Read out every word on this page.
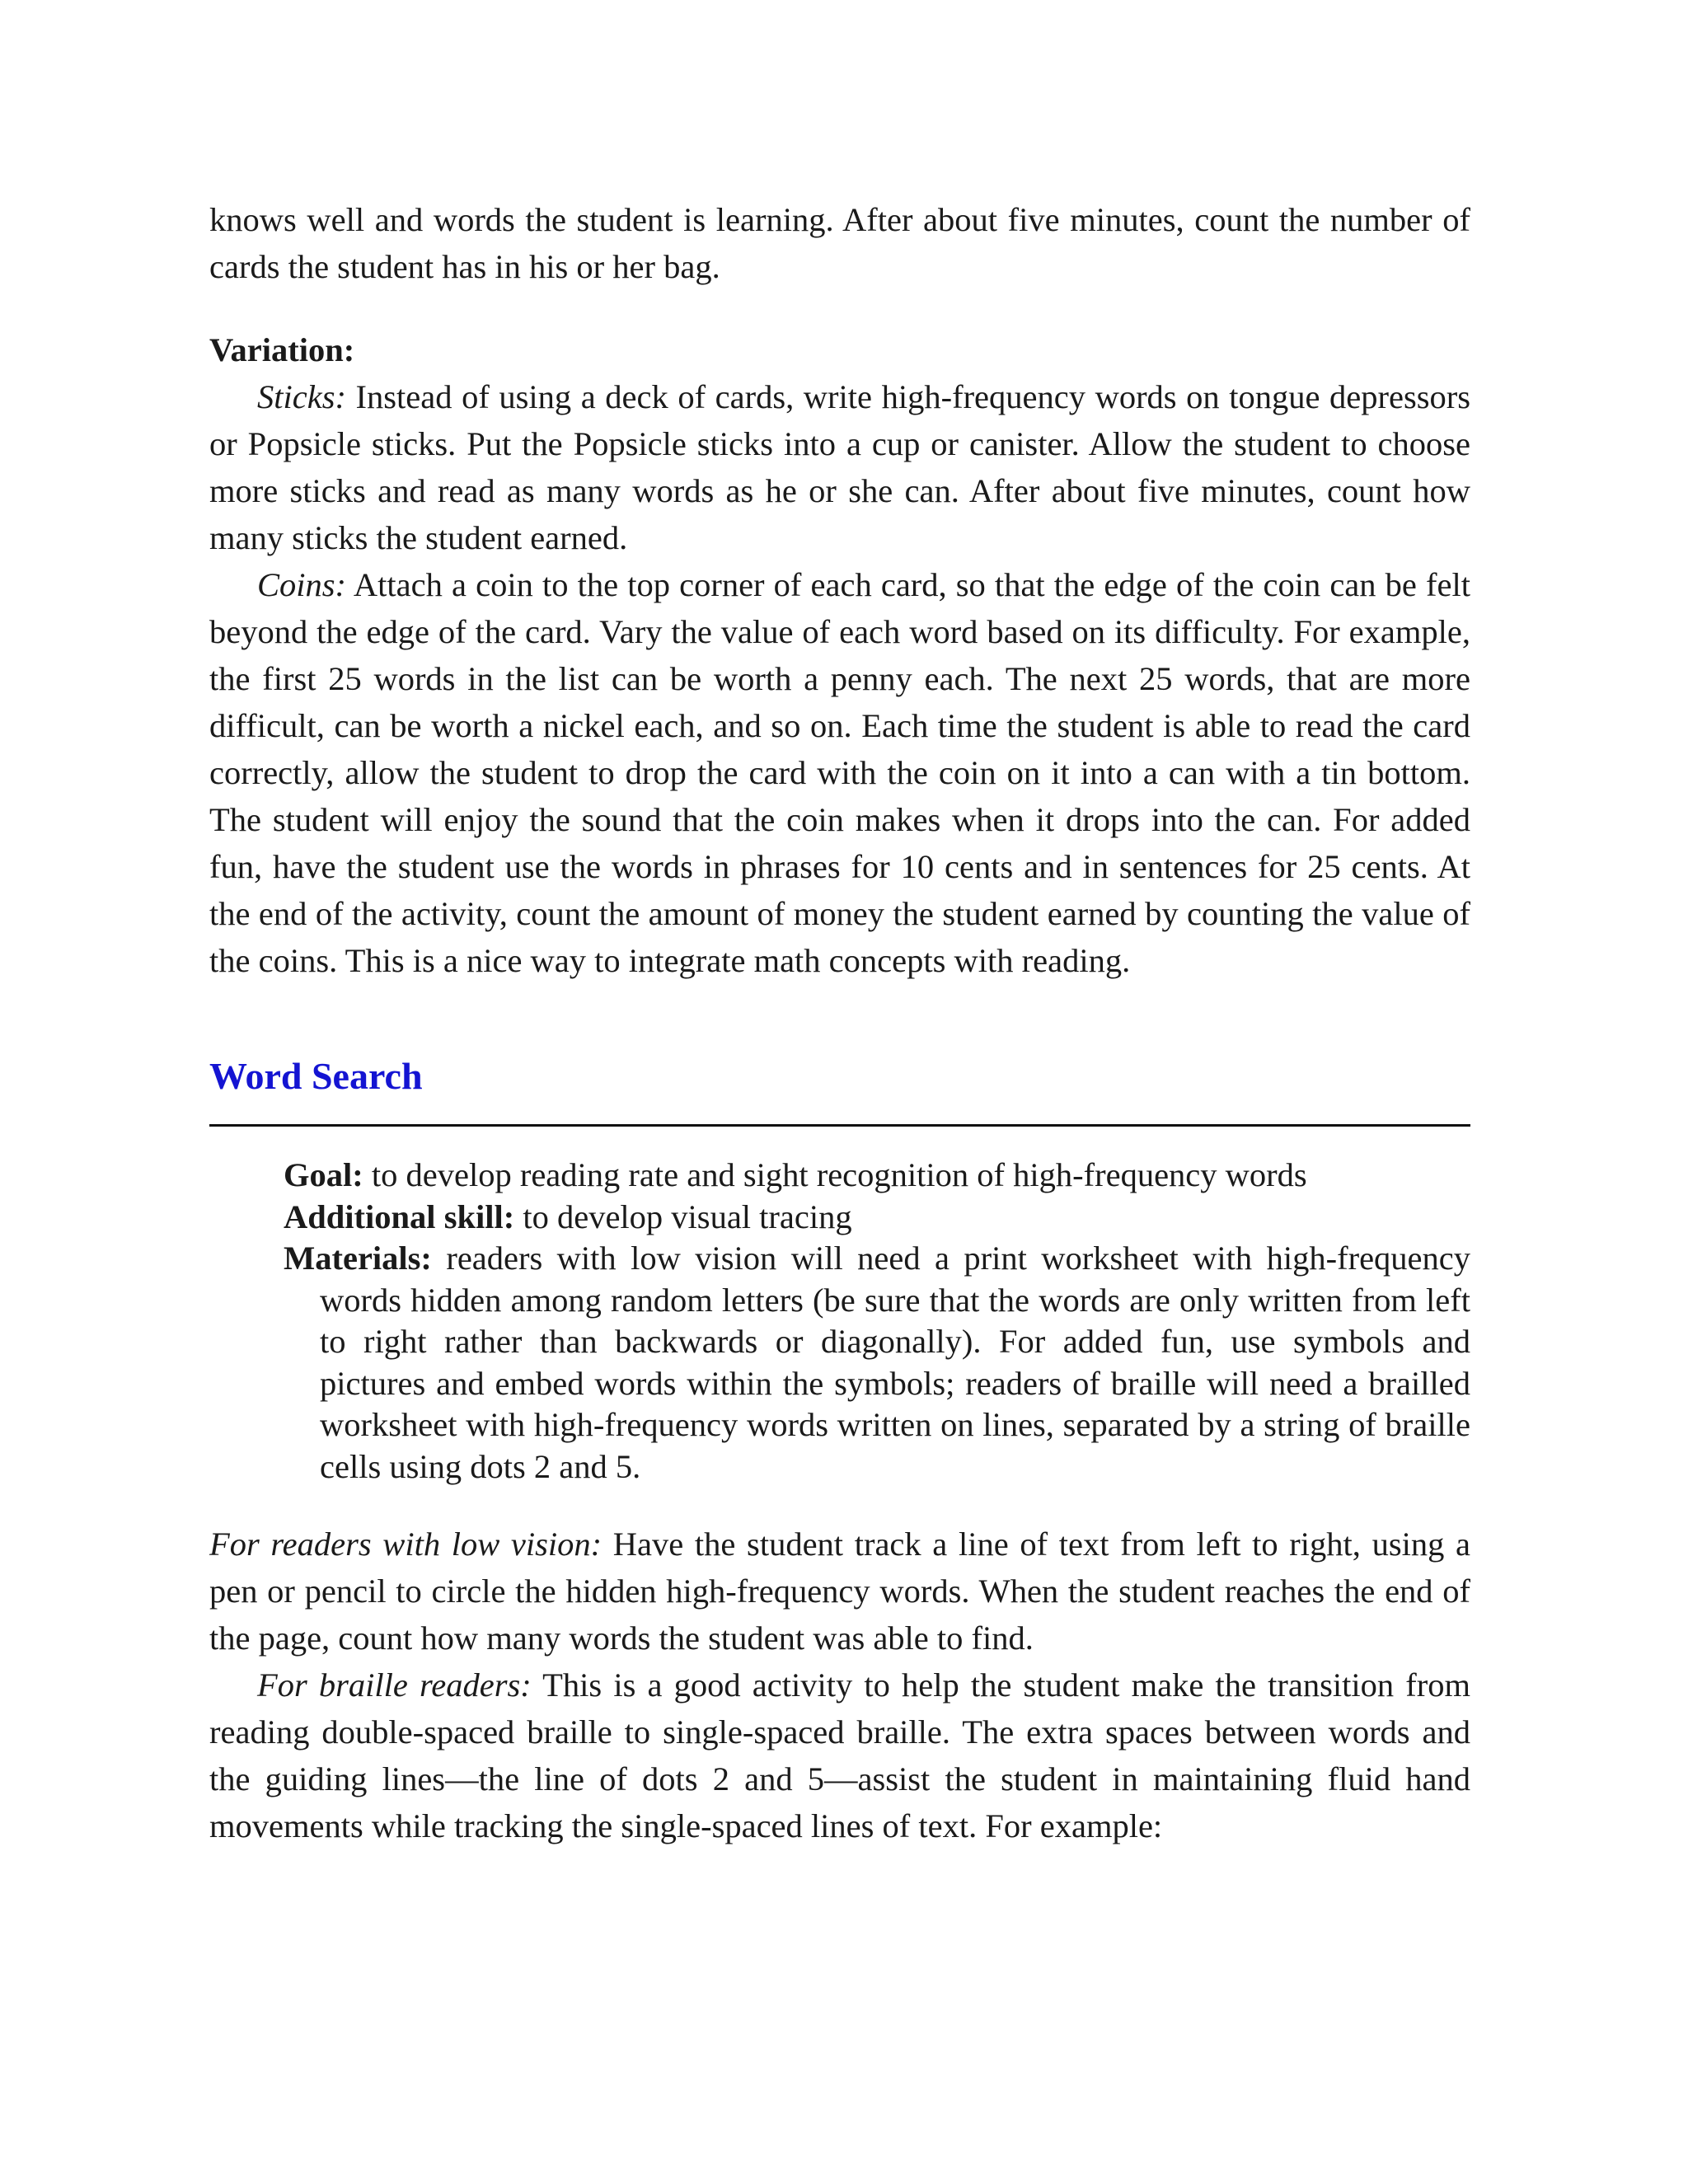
knows well and words the student is learning. After about five minutes, count the number of cards the student has in his or her bag.

Variation:

Sticks: Instead of using a deck of cards, write high-frequency words on tongue depressors or Popsicle sticks. Put the Popsicle sticks into a cup or canister. Allow the student to choose more sticks and read as many words as he or she can. After about five minutes, count how many sticks the student earned.

Coins: Attach a coin to the top corner of each card, so that the edge of the coin can be felt beyond the edge of the card. Vary the value of each word based on its difficulty. For example, the first 25 words in the list can be worth a penny each. The next 25 words, that are more difficult, can be worth a nickel each, and so on. Each time the student is able to read the card correctly, allow the student to drop the card with the coin on it into a can with a tin bottom. The student will enjoy the sound that the coin makes when it drops into the can. For added fun, have the student use the words in phrases for 10 cents and in sentences for 25 cents. At the end of the activity, count the amount of money the student earned by counting the value of the coins. This is a nice way to integrate math concepts with reading.

Word Search

Goal: to develop reading rate and sight recognition of high-frequency words

Additional skill: to develop visual tracing

Materials: readers with low vision will need a print worksheet with high-frequency words hidden among random letters (be sure that the words are only written from left to right rather than backwards or diagonally). For added fun, use symbols and pictures and embed words within the symbols; readers of braille will need a brailled worksheet with high-frequency words written on lines, separated by a string of braille cells using dots 2 and 5.

For readers with low vision: Have the student track a line of text from left to right, using a pen or pencil to circle the hidden high-frequency words. When the student reaches the end of the page, count how many words the student was able to find.

For braille readers: This is a good activity to help the student make the transition from reading double-spaced braille to single-spaced braille. The extra spaces between words and the guiding lines—the line of dots 2 and 5—assist the student in maintaining fluid hand movements while tracking the single-spaced lines of text. For example:
